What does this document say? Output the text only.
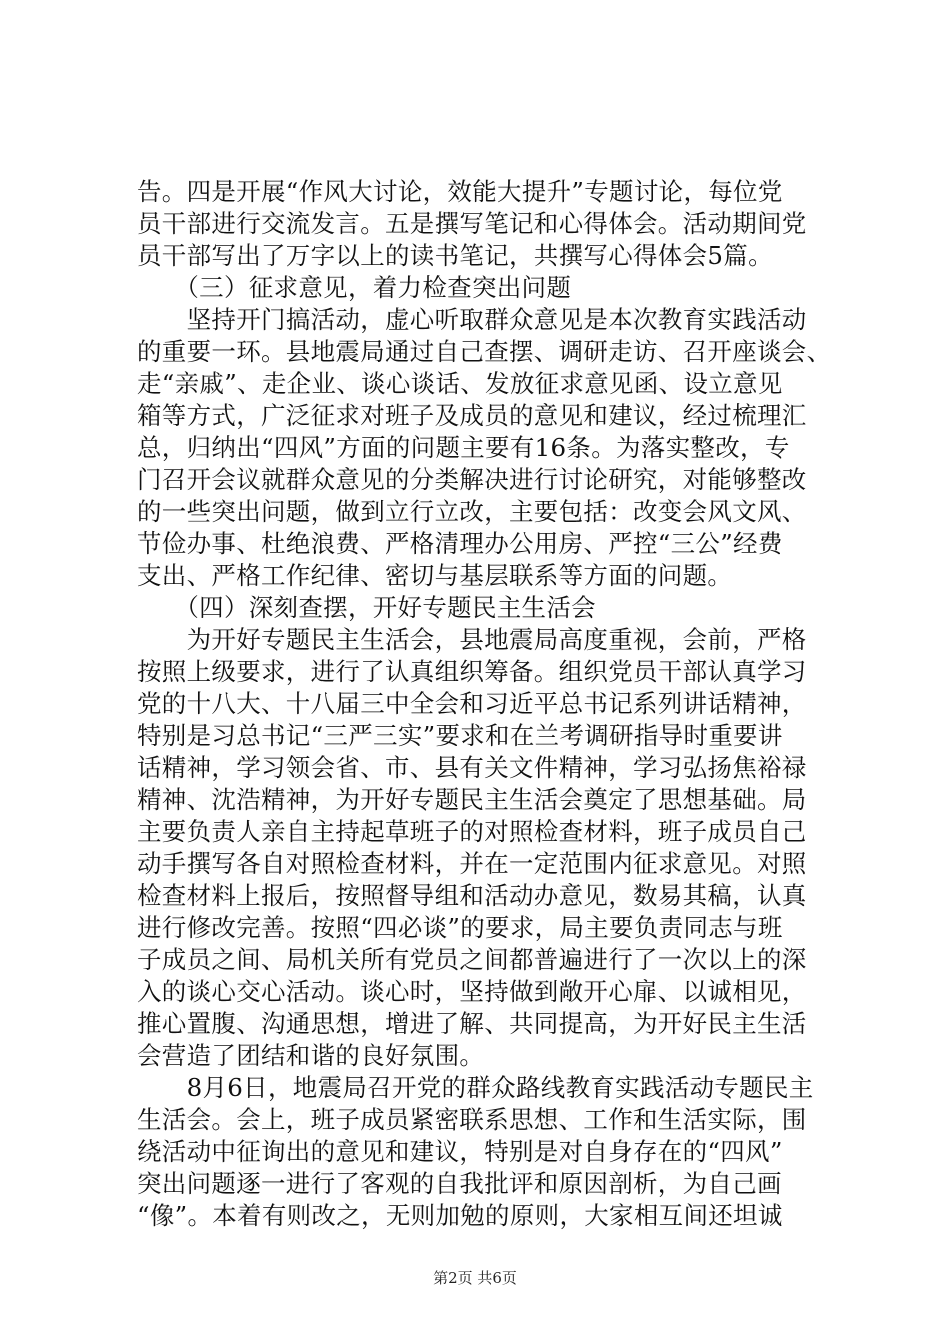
告。四是开展“作风大讨论，效能大提升”专题讨论，每位党
员干部进行交流发言。五是撰写笔记和心得体会。活动期间党
员干部写出了万字以上的读书笔记，共撰写心得体会5篇。
　　（三）征求意见，着力检查突出问题
　　坚持开门搞活动，虚心听取群众意见是本次教育实践活动
的重要一环。县地震局通过自己查摆、调研走访、召开座谈会、
走“亲戚”、走企业、谈心谈话、发放征求意见函、设立意见
箱等方式，广泛征求对班子及成员的意见和建议，经过梳理汇
总，归纳出“四风”方面的问题主要有16条。为落实整改，专
门召开会议就群众意见的分类解决进行讨论研究，对能够整改
的一些突出问题，做到立行立改，主要包括：改变会风文风、
节俭办事、杜绝浪费、严格清理办公用房、严控“三公”经费
支出、严格工作纪律、密切与基层联系等方面的问题。
　　（四）深刻查摆，开好专题民主生活会
　　为开好专题民主生活会，县地震局高度重视，会前，严格
按照上级要求，进行了认真组织筹备。组织党员干部认真学习
党的十八大、十八届三中全会和习近平总书记系列讲话精神，
特别是习总书记“三严三实”要求和在兰考调研指导时重要讲
话精神，学习领会省、市、县有关文件精神，学习弘扬焦裕禄
精神、沈浩精神，为开好专题民主生活会奠定了思想基础。局
主要负责人亲自主持起草班子的对照检查材料，班子成员自己
动手撰写各自对照检查材料，并在一定范围内征求意见。对照
检查材料上报后，按照督导组和活动办意见，数易其稿，认真
进行修改完善。按照“四必谈”的要求，局主要负责同志与班
子成员之间、局机关所有党员之间都普遍进行了一次以上的深
入的谈心交心活动。谈心时，坚持做到敞开心扉、以诚相见，
推心置腹、沟通思想，增进了解、共同提高，为开好民主生活
会营造了团结和谐的良好氛围。
　　8月6日，地震局召开党的群众路线教育实践活动专题民主
生活会。会上，班子成员紧密联系思想、工作和生活实际，围
绕活动中征询出的意见和建议，特别是对自身存在的“四风”
突出问题逐一进行了客观的自我批评和原因剖析，为自己画
“像”。本着有则改之，无则加勉的原则，大家相互间还坦诚
第2页 共6页
